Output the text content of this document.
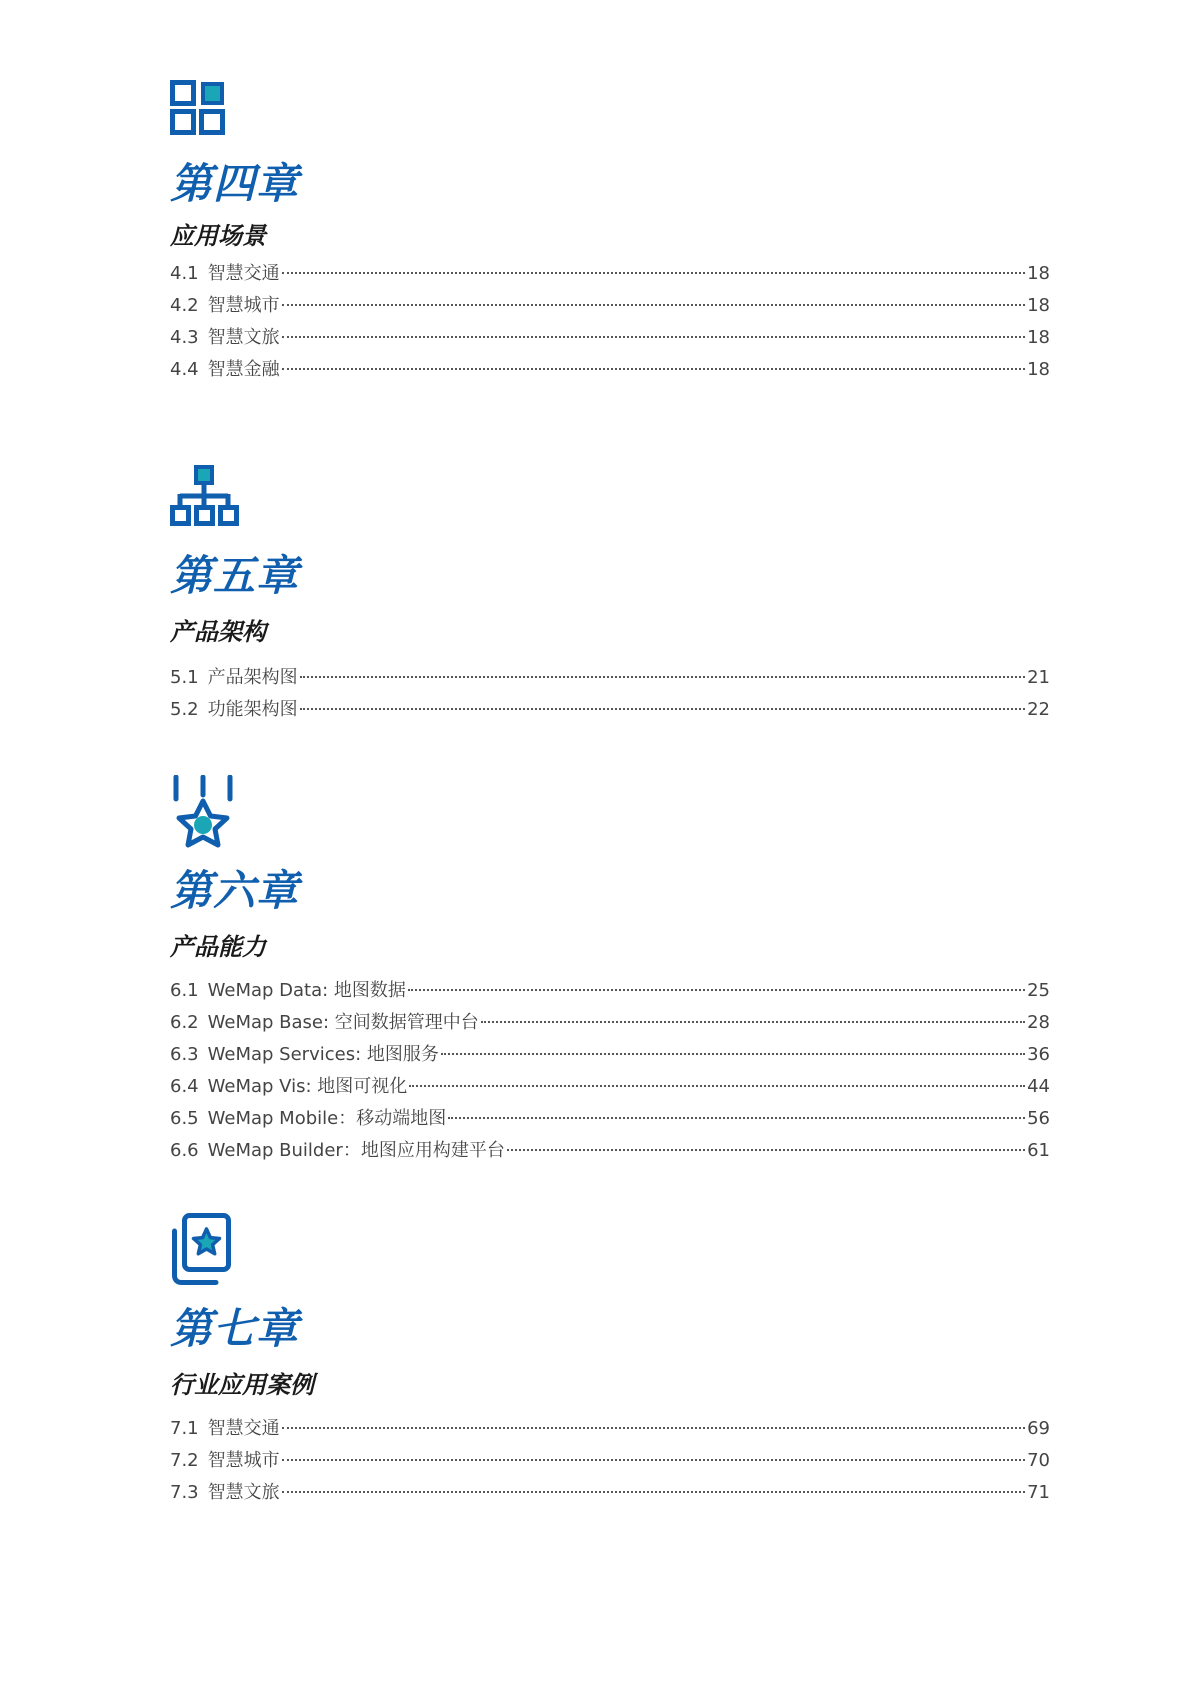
第四章
应用场景
4.1 智慧交通	18
4.2 智慧城市	18
4.3 智慧文旅	18
4.4 智慧金融	18
第五章
产品架构
5.1 产品架构图	21
5.2 功能架构图	22
第六章
产品能力
6.1 WeMap Data: 地图数据	25
6.2 WeMap Base: 空间数据管理中台	28
6.3 WeMap Services: 地图服务	36
6.4 WeMap Vis: 地图可视化	44
6.5 WeMap Mobile：移动端地图	56
6.6 WeMap Builder：地图应用构建平台	61
第七章
行业应用案例
7.1 智慧交通	69
7.2 智慧城市	70
7.3 智慧文旅	71
